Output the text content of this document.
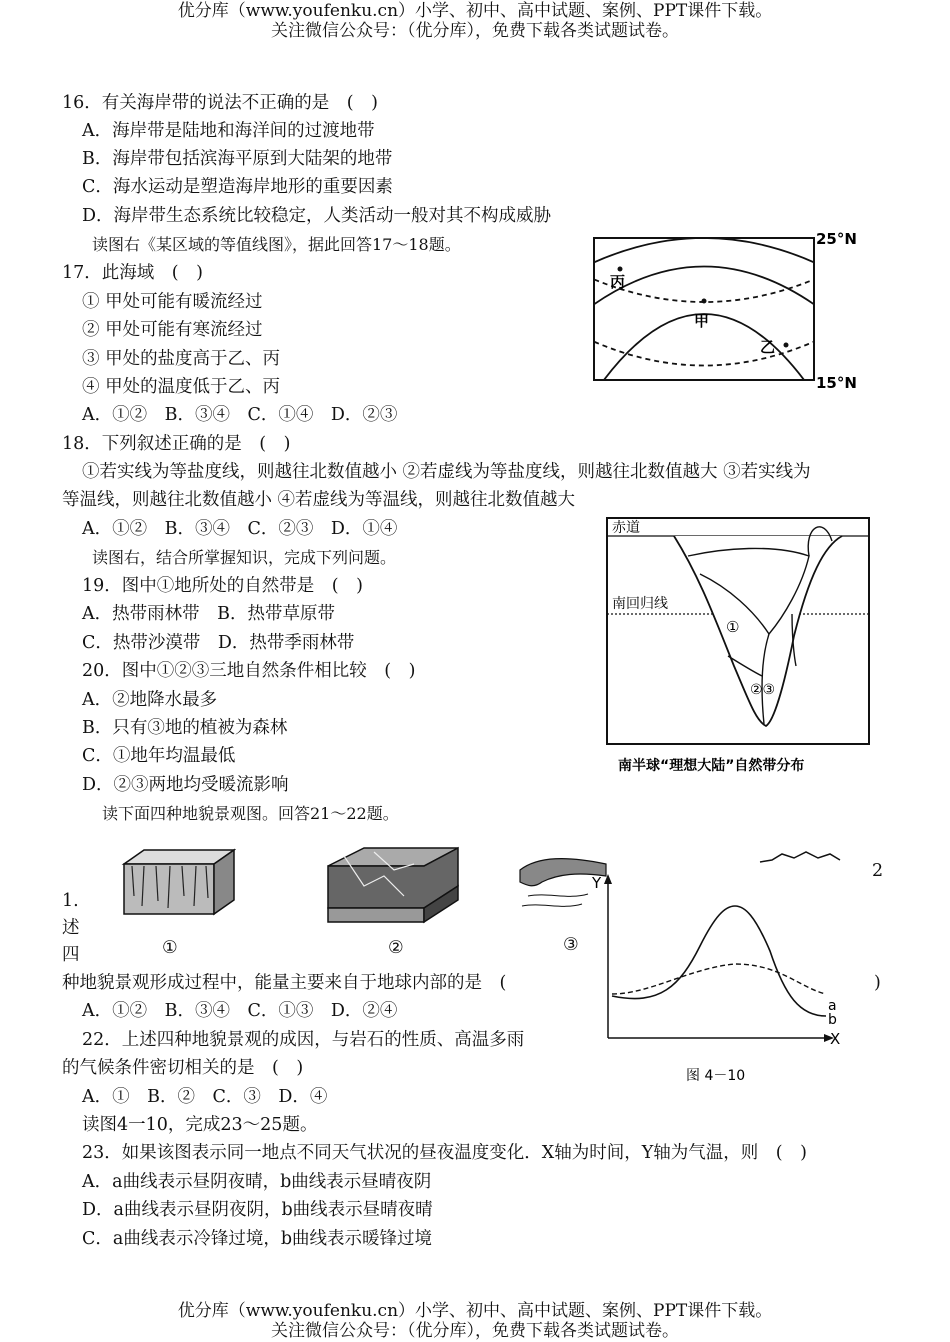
优分库（www.youfenku.cn）小学、初中、高中试题、案例、PPT课件下载。
关注微信公众号：（优分库），免费下载各类试题试卷。
16．有关海岸带的说法不正确的是　(　)
A．海岸带是陆地和海洋间的过渡地带
B．海岸带包括滨海平原到大陆架的地带
C．海水运动是塑造海岸地形的重要因素
D．海岸带生态系统比较稳定，人类活动一般对其不构成威胁
读图右《某区域的等值线图》，据此回答17～18题。
17．此海域　(　)
① 甲处可能有暖流经过
② 甲处可能有寒流经过
③ 甲处的盐度高于乙、丙
④ 甲处的温度低于乙、丙
A．①②　B．③④　C．①④　D．②③
丙
甲
乙
25°N
15°N
18．下列叙述正确的是　(　)
①若实线为等盐度线，则越往北数值越小 ②若虚线为等盐度线，则越往北数值越大 ③若实线为
等温线，则越往北数值越小 ④若虚线为等温线，则越往北数值越大
A．①②　B．③④　C．②③　D．①④
读图右，结合所掌握知识，完成下列问题。
赤道
南回归线
①
②③
南半球“理想大陆”自然带分布
19．图中①地所处的自然带是　(　)
A．热带雨林带　B．热带草原带
C．热带沙漠带　D．热带季雨林带
20．图中①②③三地自然条件相比较　(　)
A．②地降水最多
B．只有③地的植被为森林
C．①地年均温最低
D．②③两地均受暖流影响
读下面四种地貌景观图。回答21～22题。
①	②	③
1.
述
四
2
种地貌景观形成过程中，能量主要来自于地球内部的是　(	)
A．①②　B．③④　C．①③　D．②④
22．上述四种地貌景观的成因，与岩石的性质、高温多雨
的气候条件密切相关的是　(　)
A．①　B．②　C．③　D．④
Y
X
a
b
图 4－10
读图4一10，完成23～25题。
23．如果该图表示同一地点不同天气状况的昼夜温度变化．X轴为时间，Y轴为气温，则　(　)
A．a曲线表示昼阴夜晴，b曲线表示昼晴夜阴
D．a曲线表示昼阴夜阴，b曲线表示昼晴夜晴
C．a曲线表示冷锋过境，b曲线表示暖锋过境
优分库（www.youfenku.cn）小学、初中、高中试题、案例、PPT课件下载。
关注微信公众号：（优分库），免费下载各类试题试卷。
